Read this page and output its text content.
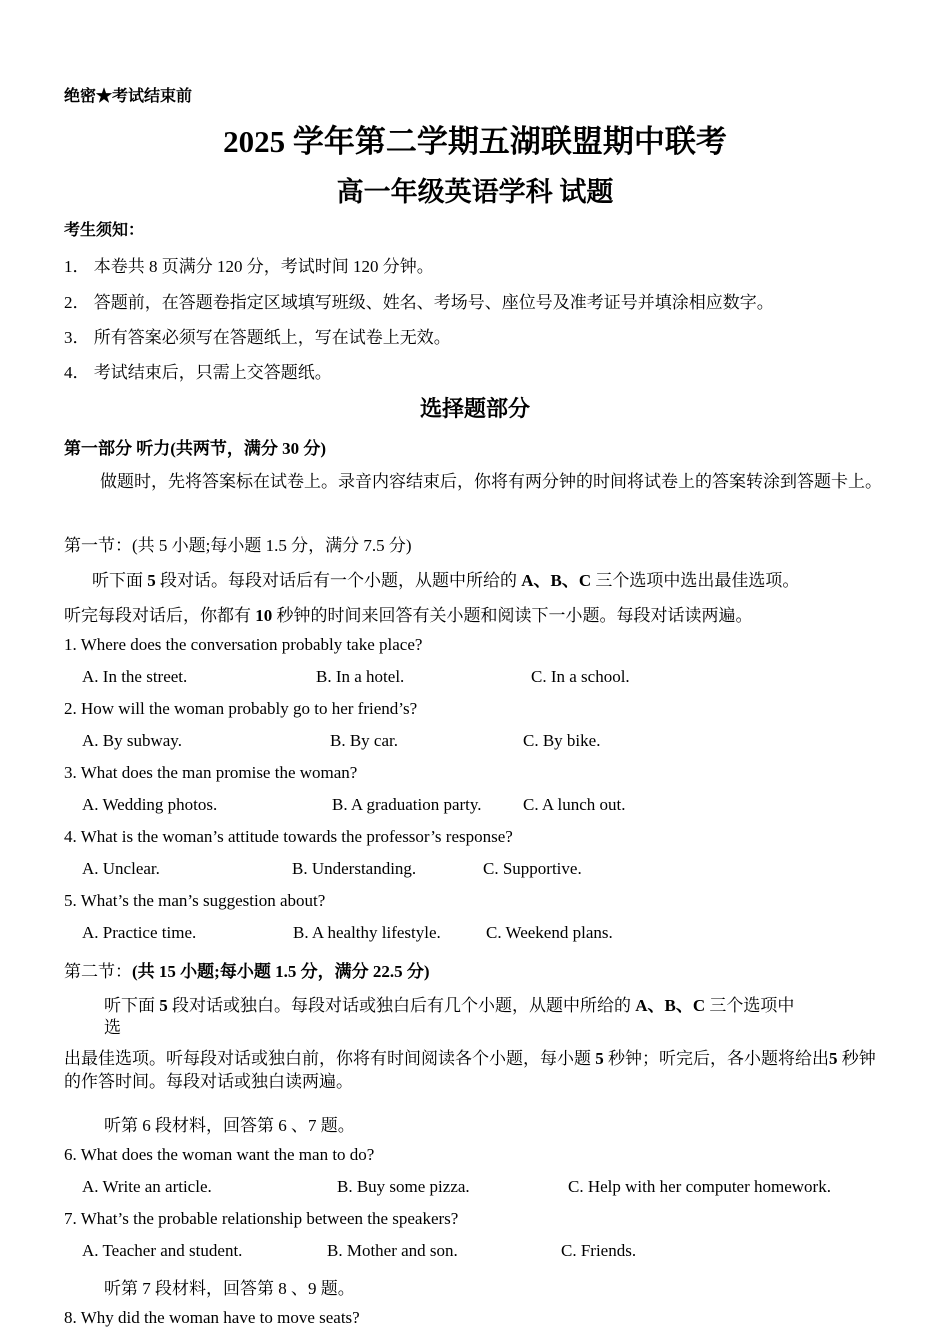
绝密★考试结束前
2025 学年第二学期五湖联盟期中联考
高一年级英语学科 试题
考生须知：
1． 本卷共 8 页满分 120 分，考试时间 120 分钟。
2． 答题前，在答题卷指定区域填写班级、姓名、考场号、座位号及准考证号并填涂相应数字。
3． 所有答案必须写在答题纸上，写在试卷上无效。
4． 考试结束后，只需上交答题纸。
选择题部分
第一部分 听力(共两节，满分 30 分)
做题时，先将答案标在试卷上。录音内容结束后，你将有两分钟的时间将试卷上的答案转涂到答题卡上。
第一节：(共 5 小题;每小题 1.5 分，满分 7.5 分)
听下面 5 段对话。每段对话后有一个小题，从题中所给的 A、B、C 三个选项中选出最佳选项。
听完每段对话后，你都有 10 秒钟的时间来回答有关小题和阅读下一小题。每段对话读两遍。
1. Where does the conversation probably take place?
A. In the street.	B. In a hotel.	C. In a school.
2. How will the woman probably go to her friend’s?
A. By subway.	B. By car.	C. By bike.
3. What does the man promise the woman?
A. Wedding photos.	B. A graduation party. C. A lunch out.
4. What is the woman’s attitude towards the professor’s response?
A. Unclear.	B. Understanding.	C. Supportive.
5. What’s the man’s suggestion about?
A. Practice time.	B. A healthy lifestyle.	C. Weekend plans.
第二节：(共 15 小题;每小题 1.5 分，满分 22.5 分)
听下面 5 段对话或独白。每段对话或独白后有几个小题，从题中所给的 A、B、C 三个选项中
选
出最佳选项。听每段对话或独白前，你将有时间阅读各个小题，每小题 5 秒钟；听完后，各小题将给出5 秒钟的作答时间。每段对话或独白读两遍。
听第 6 段材料，回答第 6 、7 题。
6. What does the woman want the man to do?
A. Write an article.	B. Buy some pizza.	C. Help with her computer homework.
7. What’s the probable relationship between the speakers?
A. Teacher and student.	B. Mother and son.	C. Friends.
听第 7 段材料，回答第 8 、9 题。
8. Why did the woman have to move seats?
